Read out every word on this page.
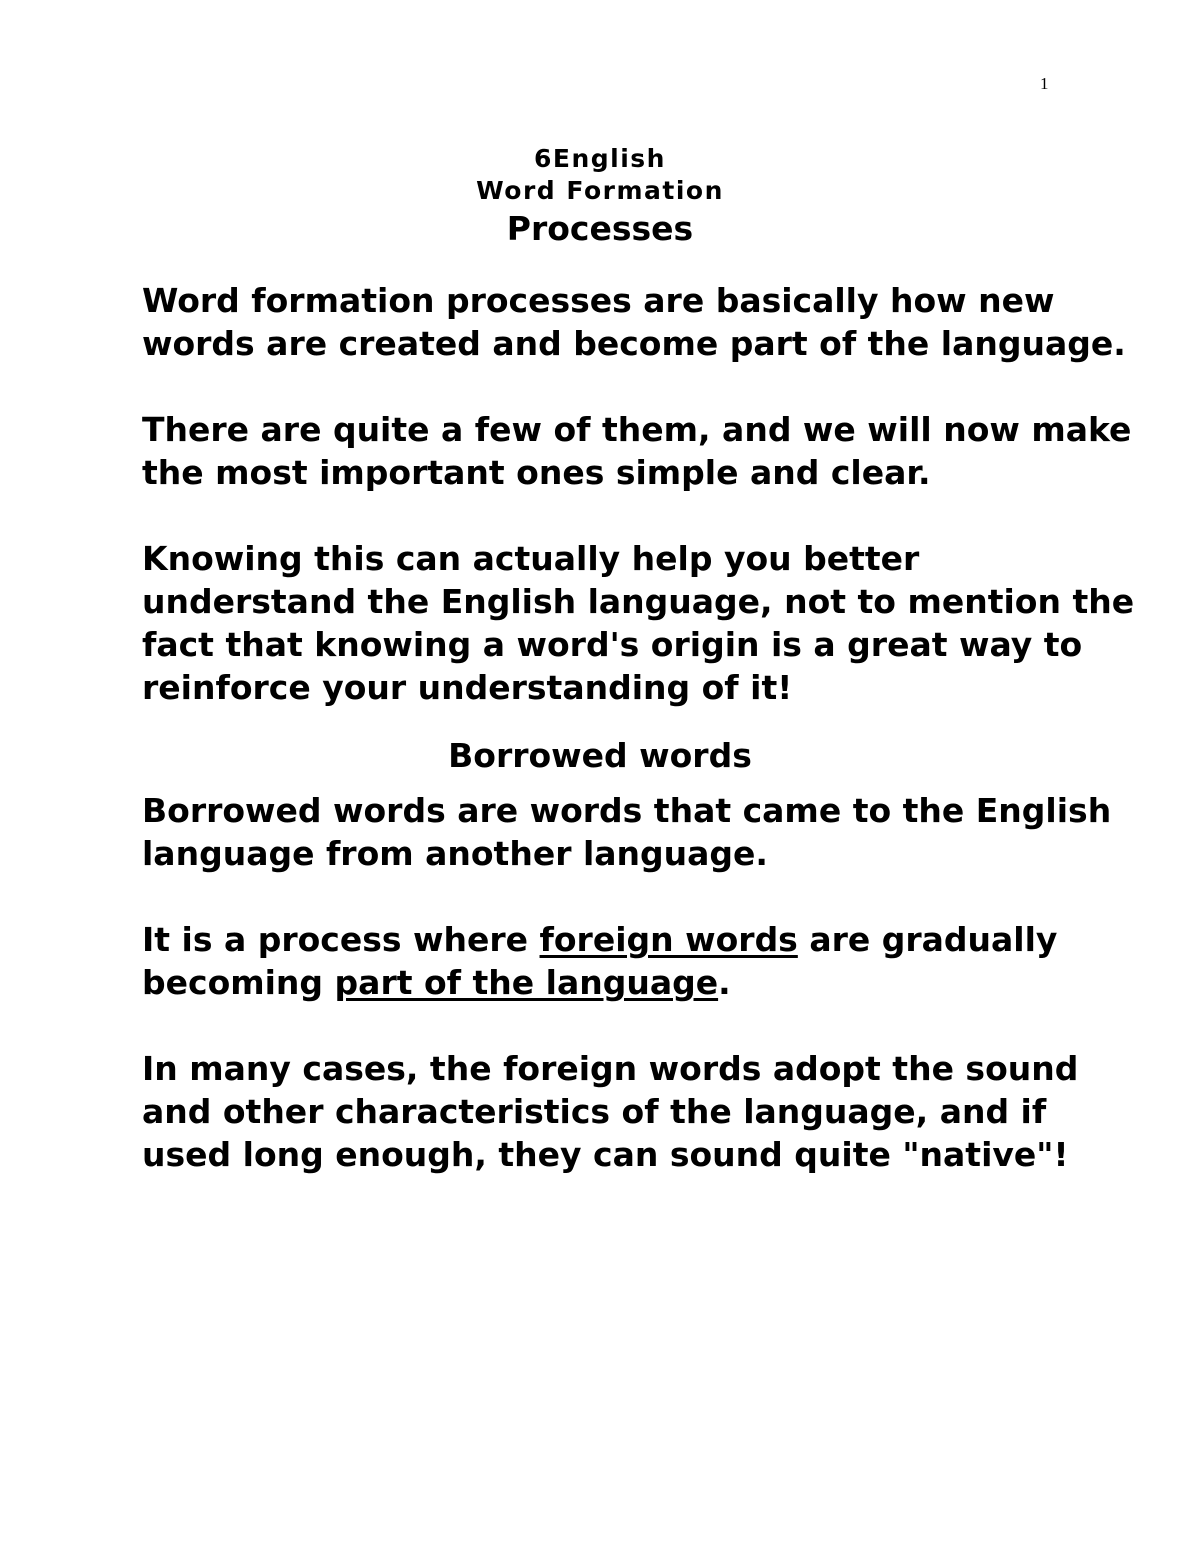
1
6English
Word Formation
Processes

Word formation processes are basically how new words are created and become part of the language.

There are quite a few of them, and we will now make the most important ones simple and clear.

Knowing this can actually help you better understand the English language, not to mention the fact that knowing a word's origin is a great way to reinforce your understanding of it!

Borrowed words

Borrowed words are words that came to the English language from another language.

It is a process where foreign words are gradually becoming part of the language.

In many cases, the foreign words adopt the sound and other characteristics of the language, and if used long enough, they can sound quite "native"!
